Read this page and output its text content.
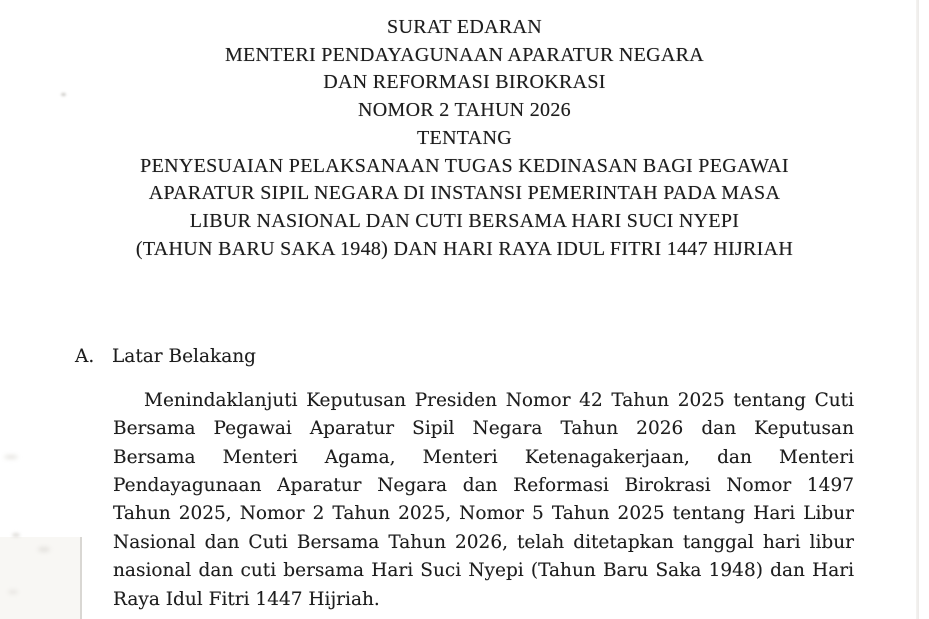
SURAT EDARAN
MENTERI PENDAYAGUNAAN APARATUR NEGARA
DAN REFORMASI BIROKRASI
NOMOR 2 TAHUN 2026
TENTANG
PENYESUAIAN PELAKSANAAN TUGAS KEDINASAN BAGI PEGAWAI
APARATUR SIPIL NEGARA DI INSTANSI PEMERINTAH PADA MASA
LIBUR NASIONAL DAN CUTI BERSAMA HARI SUCI NYEPI
(TAHUN BARU SAKA 1948) DAN HARI RAYA IDUL FITRI 1447 HIJRIAH
A. Latar Belakang
Menindaklanjuti Keputusan Presiden Nomor 42 Tahun 2025 tentang Cuti
Bersama Pegawai Aparatur Sipil Negara Tahun 2026 dan Keputusan
Bersama Menteri Agama, Menteri Ketenagakerjaan, dan Menteri
Pendayagunaan Aparatur Negara dan Reformasi Birokrasi Nomor 1497
Tahun 2025, Nomor 2 Tahun 2025, Nomor 5 Tahun 2025 tentang Hari Libur
Nasional dan Cuti Bersama Tahun 2026, telah ditetapkan tanggal hari libur
nasional dan cuti bersama Hari Suci Nyepi (Tahun Baru Saka 1948) dan Hari
Raya Idul Fitri 1447 Hijriah.
